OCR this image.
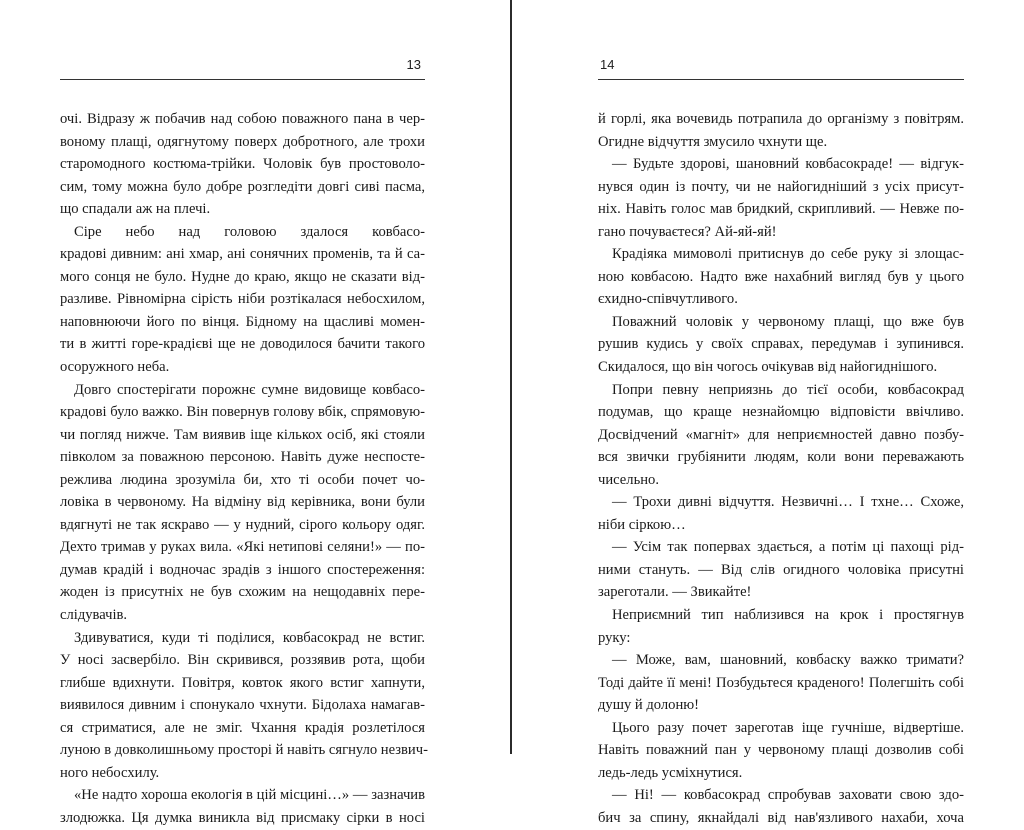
13
очі. Відразу ж побачив над собою поважного пана в чер-
воному плащі, одягнутому поверх добротного, але трохи
старомодного костюма-трійки. Чоловік був простоволо-
сим, тому можна було добре розгледіти довгі сиві пасма,
що спадали аж на плечі.
Сіре небо над головою здалося ковбасо-
крадові дивним: ані хмар, ані сонячних променів, та й са-
мого сонця не було. Нудне до краю, якщо не сказати від-
разливе. Рівномірна сірість ніби розтікалася небосхилом,
наповнюючи його по вінця. Бідному на щасливі момен-
ти в житті горе-крадієві ще не доводилося бачити такого
осоружного неба.
Довго спостерігати порожнє сумне видовище ковбасо-
крадові було важко. Він повернув голову вбік, спрямовую-
чи погляд нижче. Там виявив іще кількох осіб, які стояли
півколом за поважною персоною. Навіть дуже неспосте-
режлива людина зрозуміла би, хто ті особи почет чо-
ловіка в червоному. На відміну від керівника, вони були
вдягнуті не так яскраво — у нудний, сірого кольору одяг.
Дехто тримав у руках вила. «Які нетипові селяни!» — по-
думав крадій і водночас зрадів з іншого спостереження:
жоден із присутніх не був схожим на нещодавніх пере-
слідувачів.
Здивуватися, куди ті поділися, ковбасокрад не встиг.
У носі засвербіло. Він скривився, роззявив рота, щоби
глибше вдихнути. Повітря, ковток якого встиг хапнути,
виявилося дивним і спонукало чхнути. Бідолаха намагав-
ся стриматися, але не зміг. Чхання крадія розлетілося
луною в довколишньому просторі й навіть сягнуло незвич-
ного небосхилу.
«Не надто хороша екологія в цій місцині…» — зазначив
злодюжка. Ця думка виникла від присмаку сірки в носі
14
й горлі, яка вочевидь потрапила до організму з повітрям.
Огидне відчуття змусило чхнути ще.
— Будьте здорові, шановний ковбасокраде! — відгук-
нувся один із почту, чи не найогидніший з усіх присут-
ніх. Навіть голос мав бридкий, скрипливий. — Невже по-
гано почуваєтеся? Ай-яй-яй!
Крадіяка мимоволі притиснув до себе руку зі злощас-
ною ковбасою. Надто вже нахабний вигляд був у цього
єхидно-співчутливого.
Поважний чоловік у червоному плащі, що вже був
рушив кудись у своїх справах, передумав і зупинився.
Скидалося, що він чогось очікував від найогиднішого.
Попри певну неприязнь до тієї особи, ковбасокрад
подумав, що краще незнайомцю відповісти ввічливо.
Досвідчений «магніт» для неприємностей давно позбу-
вся звички грубіянити людям, коли вони переважають
чисельно.
— Трохи дивні відчуття. Незвичні… І тхне… Схоже,
ніби сіркою…
— Усім так попервах здається, а потім ці пахощі рід-
ними стануть. — Від слів огидного чоловіка присутні
зареготали. — Звикайте!
Неприємний тип наблизився на крок і простягнув
руку:
— Може, вам, шановний, ковбаску важко тримати?
Тоді дайте її мені! Позбудьтеся краденого! Полегшіть собі
душу й долоню!
Цього разу почет зареготав іще гучніше, відвертіше.
Навіть поважний пан у червоному плащі дозволив собі
ледь-ледь усміхнутися.
— Ні! — ковбасокрад спробував заховати свою здо-
бич за спину, якнайдалі від нав'язливого нахаби, хоча
